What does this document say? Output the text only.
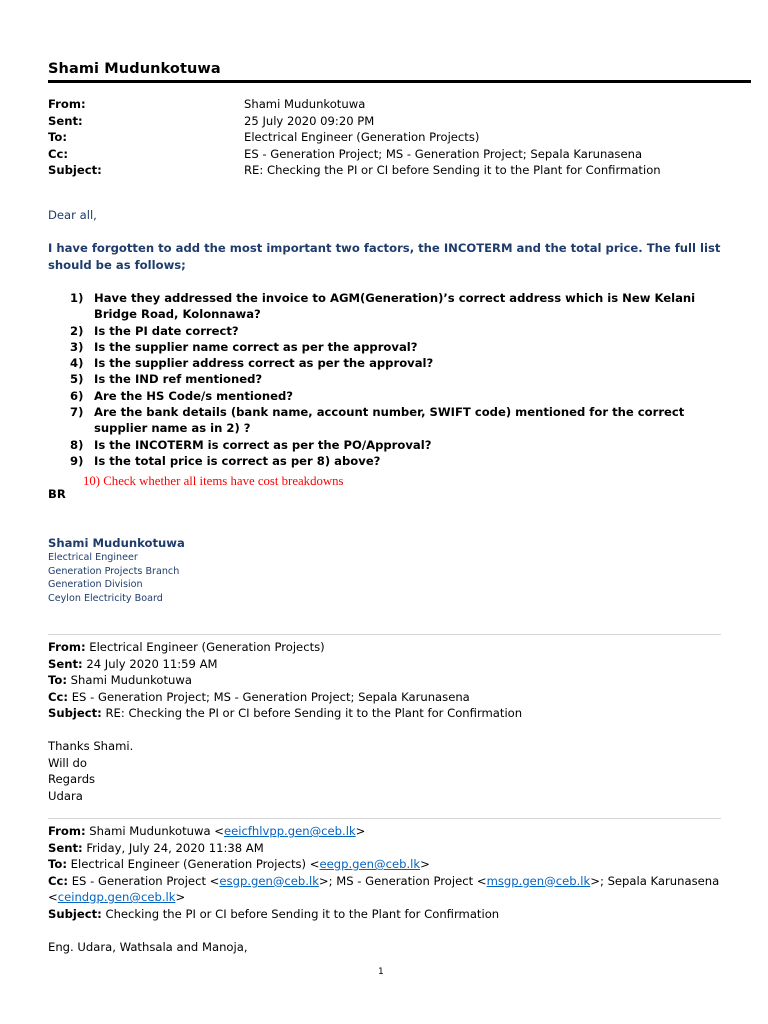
Shami Mudunkotuwa
From:	Shami Mudunkotuwa
Sent:	25 July 2020 09:20 PM
To:	Electrical Engineer (Generation Projects)
Cc:	ES - Generation Project; MS - Generation Project; Sepala Karunasena
Subject:	RE: Checking the PI or CI before Sending it to the Plant for Confirmation
Dear all,
I have forgotten to add the most important two factors, the INCOTERM and the total price. The full list should be as follows;
1) Have they addressed the invoice to AGM(Generation)’s correct address which is New Kelani Bridge Road, Kolonnawa?
2) Is the PI date correct?
3) Is the supplier name correct as per the approval?
4) Is the supplier address correct as per the approval?
5) Is the IND ref mentioned?
6) Are the HS Code/s mentioned?
7) Are the bank details (bank name, account number, SWIFT code) mentioned for the correct supplier name as in 2) ?
8) Is the INCOTERM is correct as per the PO/Approval?
9) Is the total price is correct as per 8) above?
10) Check whether all items have cost breakdowns
BR
Shami Mudunkotuwa
Electrical Engineer
Generation Projects Branch
Generation Division
Ceylon Electricity Board
From: Electrical Engineer (Generation Projects)
Sent: 24 July 2020 11:59 AM
To: Shami Mudunkotuwa
Cc: ES - Generation Project; MS - Generation Project; Sepala Karunasena
Subject: RE: Checking the PI or CI before Sending it to the Plant for Confirmation
Thanks Shami.
Will do
Regards
Udara
From: Shami Mudunkotuwa <eeicfhlvpp.gen@ceb.lk>
Sent: Friday, July 24, 2020 11:38 AM
To: Electrical Engineer (Generation Projects) <eegp.gen@ceb.lk>
Cc: ES - Generation Project <esgp.gen@ceb.lk>; MS - Generation Project <msgp.gen@ceb.lk>; Sepala Karunasena
<ceindgp.gen@ceb.lk>
Subject: Checking the PI or CI before Sending it to the Plant for Confirmation
Eng. Udara, Wathsala and Manoja,
1
